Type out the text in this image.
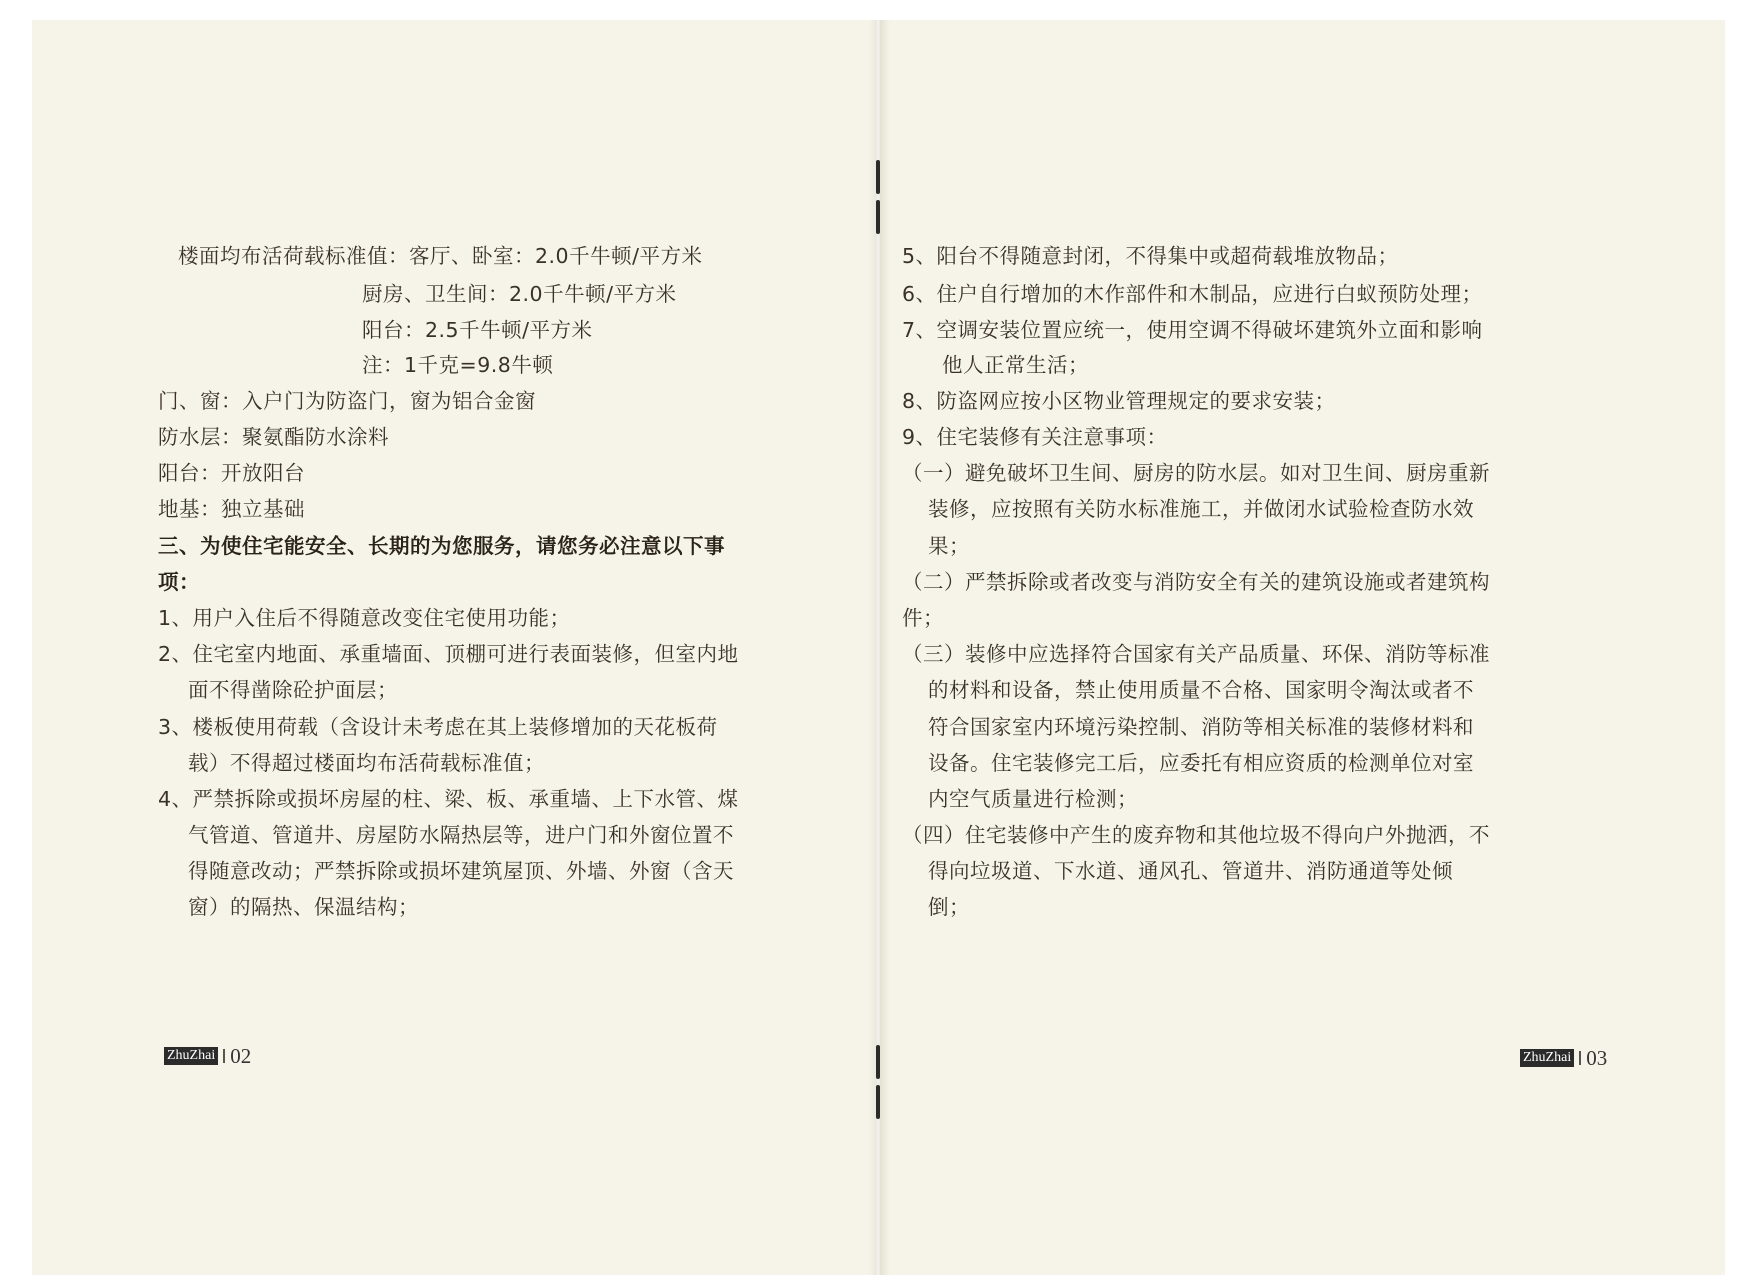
楼面均布活荷载标准值：客厅、卧室：2.0千牛顿/平方米
厨房、卫生间：2.0千牛顿/平方米
阳台：2.5千牛顿/平方米
注：1千克=9.8牛顿
门、窗：入户门为防盗门，窗为铝合金窗
防水层：聚氨酯防水涂料
阳台：开放阳台
地基：独立基础
三、为使住宅能安全、长期的为您服务，请您务必注意以下事
项：
1、用户入住后不得随意改变住宅使用功能；
2、住宅室内地面、承重墙面、顶棚可进行表面装修，但室内地
面不得凿除砼护面层；
3、楼板使用荷载（含设计未考虑在其上装修增加的天花板荷
载）不得超过楼面均布活荷载标准值；
4、严禁拆除或损坏房屋的柱、梁、板、承重墙、上下水管、煤
气管道、管道井、房屋防水隔热层等，进户门和外窗位置不
得随意改动；严禁拆除或损坏建筑屋顶、外墙、外窗（含天
窗）的隔热、保温结构；
ZhuZhai 02
5、阳台不得随意封闭，不得集中或超荷载堆放物品；
6、住户自行增加的木作部件和木制品，应进行白蚁预防处理；
7、空调安装位置应统一，使用空调不得破坏建筑外立面和影响
他人正常生活；
8、防盗网应按小区物业管理规定的要求安装；
9、住宅装修有关注意事项：
（一）避免破坏卫生间、厨房的防水层。如对卫生间、厨房重新
装修，应按照有关防水标准施工，并做闭水试验检查防水效
果；
（二）严禁拆除或者改变与消防安全有关的建筑设施或者建筑构
件；
（三）装修中应选择符合国家有关产品质量、环保、消防等标准
的材料和设备，禁止使用质量不合格、国家明令淘汰或者不
符合国家室内环境污染控制、消防等相关标准的装修材料和
设备。住宅装修完工后，应委托有相应资质的检测单位对室
内空气质量进行检测；
（四）住宅装修中产生的废弃物和其他垃圾不得向户外抛洒，不
得向垃圾道、下水道、通风孔、管道井、消防通道等处倾
倒；
ZhuZhai 03
